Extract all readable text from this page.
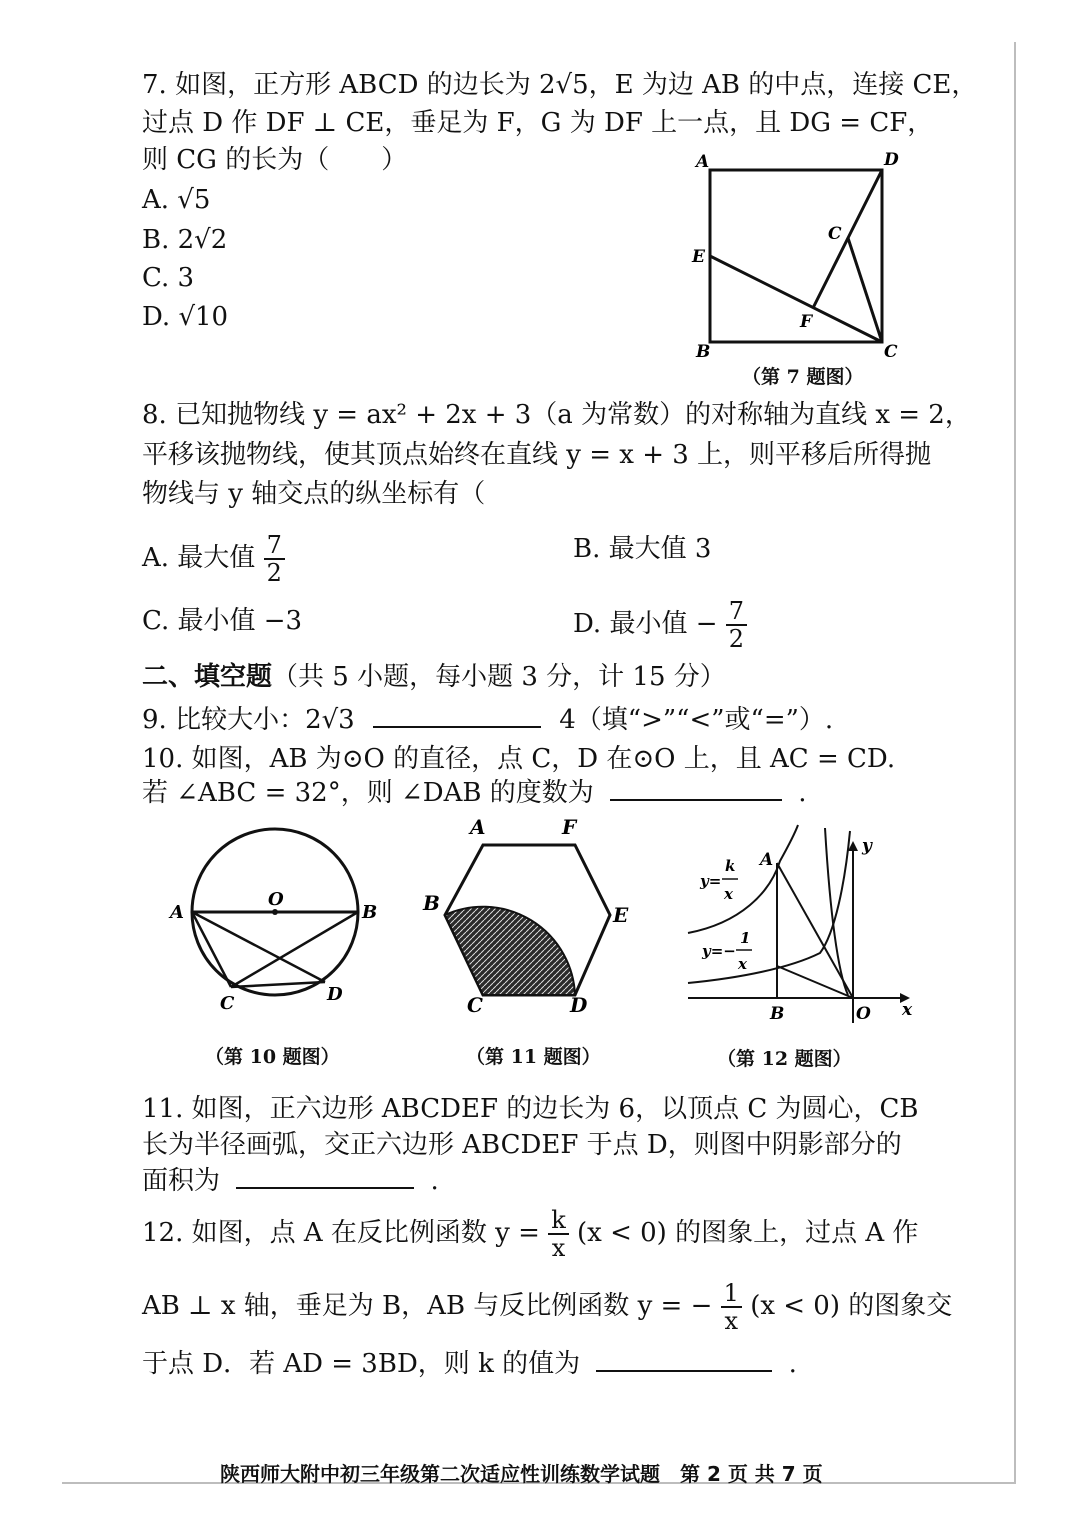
7. 如图，正方形 ABCD 的边长为 2√5，E 为边 AB 的中点，连接 CE，
过点 D 作 DF ⊥ CE，垂足为 F，G 为 DF 上一点，且 DG = CF，
则 CG 的长为（　　）
A. √5
B. 2√2
C. 3
D. √10
A	D
E
C
F
B	C
（第 7 题图）
8. 已知抛物线 y = ax² + 2x + 3（a 为常数）的对称轴为直线 x = 2，
平移该抛物线，使其顶点始终在直线 y = x + 3 上，则平移后所得抛
物线与 y 轴交点的纵坐标有（
A. 最大值 $\frac{7}{2}$	B. 最大值 3
C. 最小值 −3	D. 最小值 − $\frac{7}{2}$
二、填空题（共 5 小题，每小题 3 分，计 15 分）
9. 比较大小：2√3	4（填“>”“<”或“=”）.
10. 如图，AB 为⊙O 的直径，点 C，D 在⊙O 上，且 AC = CD.
若 ∠ABC = 32°，则 ∠DAB 的度数为	.
O
A	B
C	D
（第 10 题图）
A	F
B	E
C	D
（第 11 题图）
A
B	O x
y
y=
k
x
y=−
1
x
（第 12 题图）
11. 如图，正六边形 ABCDEF 的边长为 6，以顶点 C 为圆心，CB
长为半径画弧，交正六边形 ABCDEF 于点 D，则图中阴影部分的
面积为	.
12. 如图，点 A 在反比例函数 $y = \frac{k}{x} (x < 0)$ 的图象上，过点 A 作
AB ⊥ x 轴，垂足为 B，AB 与反比例函数 y = − $\frac{1}{x} (x < 0)$ 的图象交
于点 D．若 AD = 3BD，则 k 的值为	.
陕西师大附中初三年级第二次适应性训练数学试题　第 2 页 共 7 页
